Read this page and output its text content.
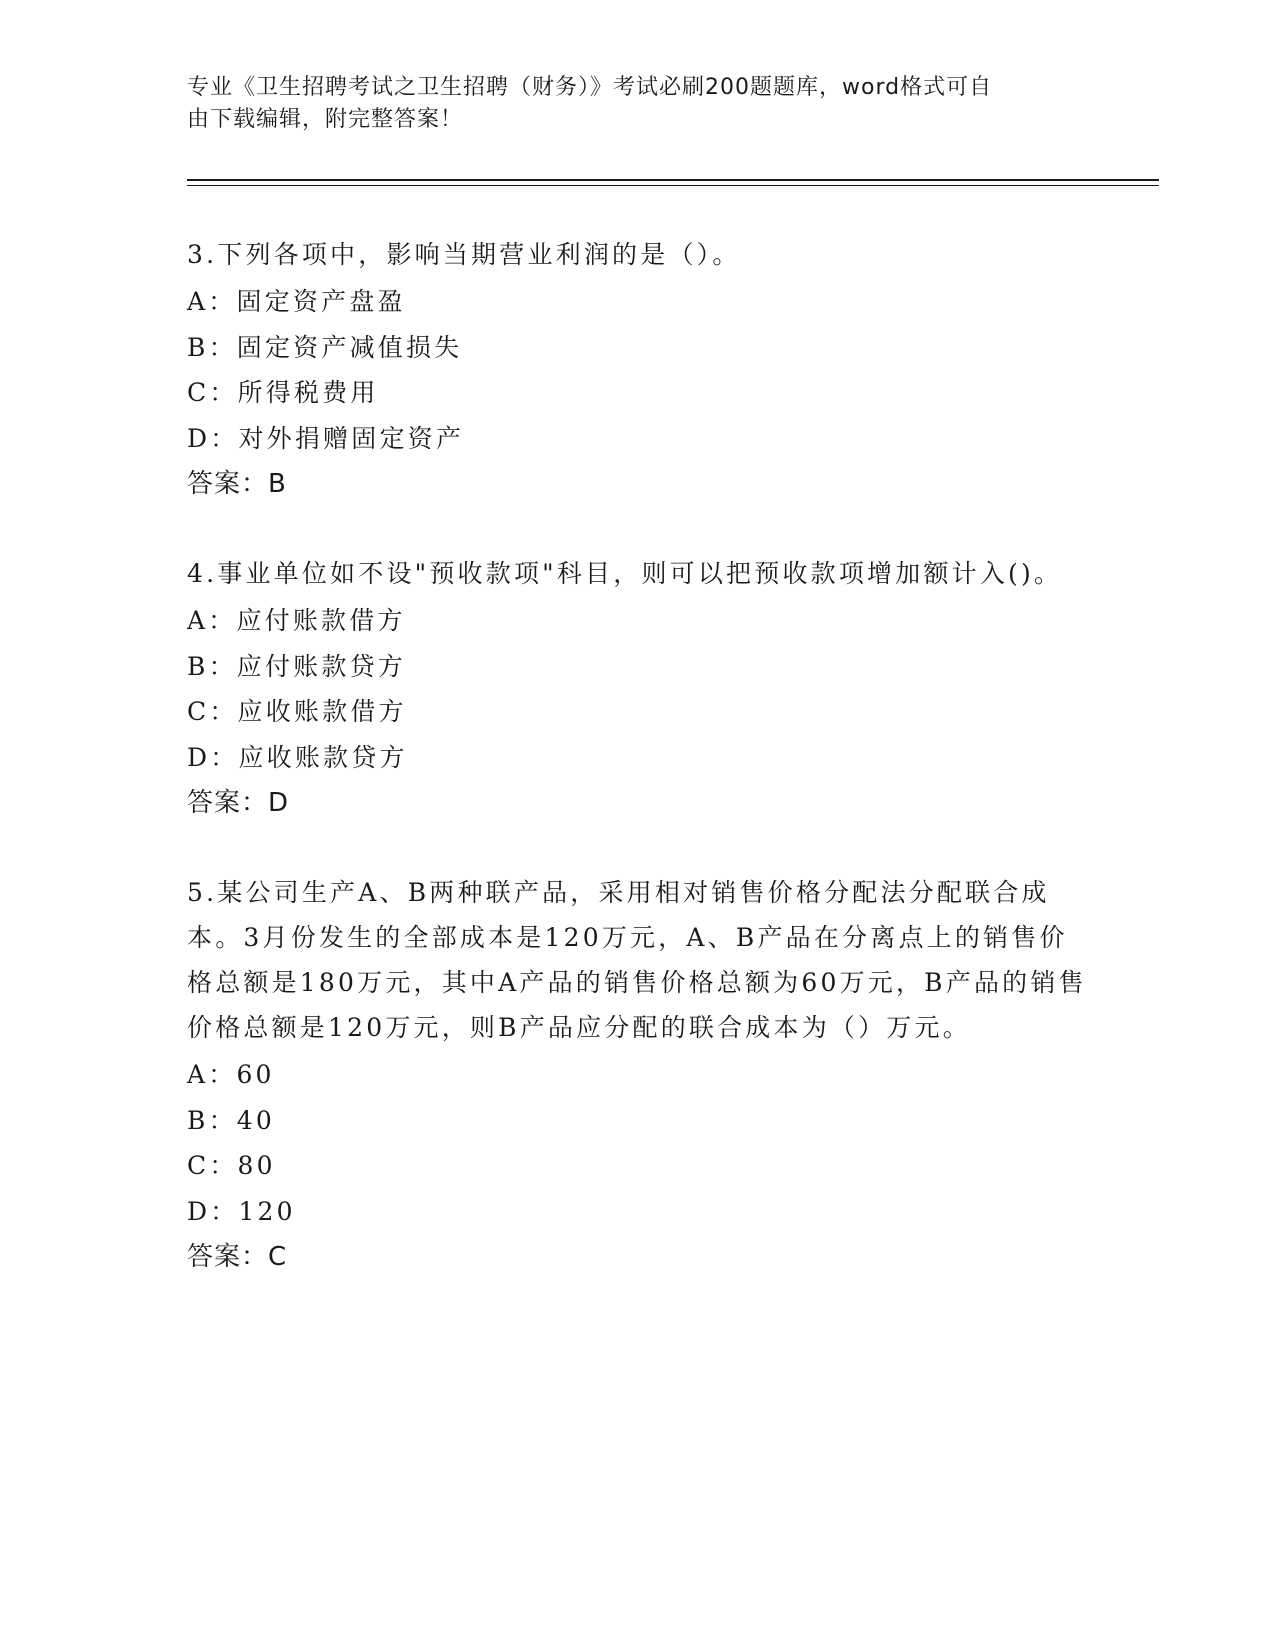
专业《卫生招聘考试之卫生招聘（财务）》考试必刷200题题库，word格式可自
由下载编辑，附完整答案！
3.下列各项中，影响当期营业利润的是（）。
A：固定资产盘盈
B：固定资产减值损失
C：所得税费用
D：对外捐赠固定资产
答案：B
4.事业单位如不设"预收款项"科目，则可以把预收款项增加额计入()。
A：应付账款借方
B：应付账款贷方
C：应收账款借方
D：应收账款贷方
答案：D
5.某公司生产A、B两种联产品，采用相对销售价格分配法分配联合成本。3月份发生的全部成本是120万元，A、B产品在分离点上的销售价格总额是180万元，其中A产品的销售价格总额为60万元，B产品的销售价格总额是120万元，则B产品应分配的联合成本为（）万元。
A：60
B：40
C：80
D：120
答案：C
